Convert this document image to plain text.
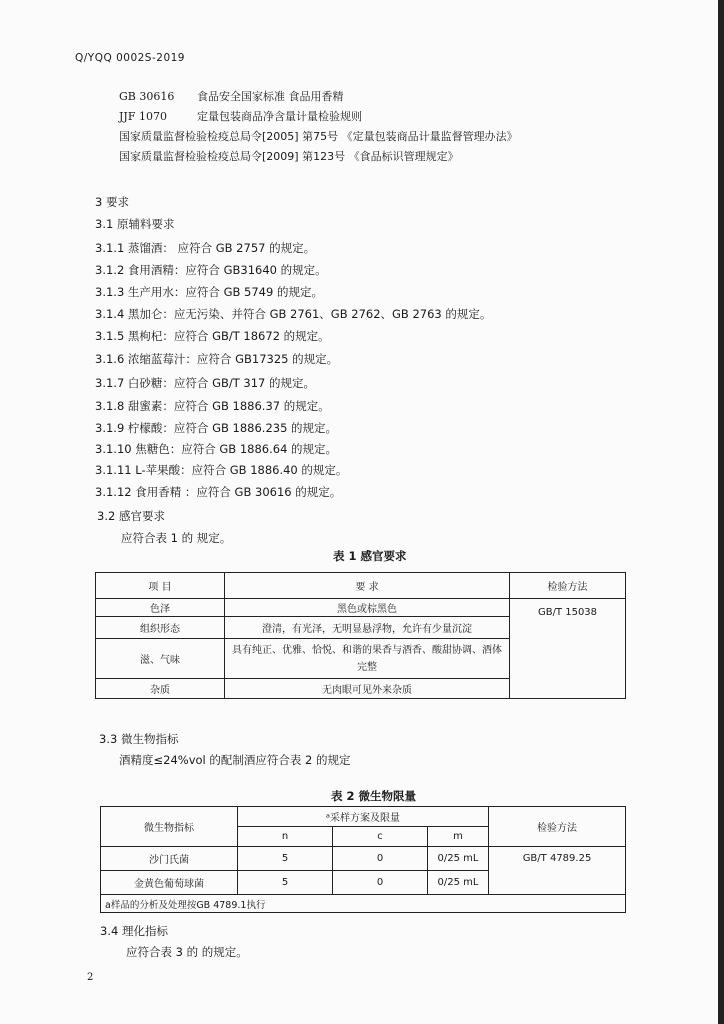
Q/YQQ 0002S-2019
GB 30616 食品安全国家标准 食品用香精
JJF 1070	定量包装商品净含量计量检验规则
国家质量监督检验检疫总局令[2005] 第75号 《定量包装商品计量监督管理办法》
国家质量监督检验检疫总局令[2009] 第123号 《食品标识管理规定》
3 要求
3.1 原辅料要求
3.1.1 蒸馏酒： 应符合 GB 2757 的规定。
3.1.2 食用酒精：应符合 GB31640 的规定。
3.1.3 生产用水：应符合 GB 5749 的规定。
3.1.4 黑加仑：应无污染、并符合 GB 2761、GB 2762、GB 2763 的规定。
3.1.5 黑枸杞：应符合 GB/T 18672 的规定。
3.1.6 浓缩蓝莓汁：应符合 GB17325 的规定。
3.1.7 白砂糖：应符合 GB/T 317 的规定。
3.1.8 甜蜜素：应符合 GB 1886.37 的规定。
3.1.9 柠檬酸：应符合 GB 1886.235 的规定。
3.1.10 焦糖色：应符合 GB 1886.64 的规定。
3.1.11 L-苹果酸：应符合 GB 1886.40 的规定。
3.1.12 食用香精 ：应符合 GB 30616 的规定。
3.2 感官要求
应符合表 1 的 规定。
表 1 感官要求
项 目	要 求	检验方法
色泽	黑色或棕黑色	GB/T 15038
组织形态	澄清，有光泽，无明显悬浮物，允许有少量沉淀	
滋、气味	具有纯正、优雅、恰悦、和谐的果香与酒香、酸甜协调、酒体完整	
杂质	无肉眼可见外来杂质	
3.3 微生物指标
酒精度≤24%vol 的配制酒应符合表 2 的规定
表 2 微生物限量
微生物指标	ᵃ采样方案及限量			检验方法
	n	c	m	
沙门氏菌	5	0	0/25 mL	GB/T 4789.25
金黄色葡萄球菌	5	0	0/25 mL	
a样品的分析及处理按GB 4789.1执行				
3.4 理化指标
应符合表 3 的 的规定。
2
